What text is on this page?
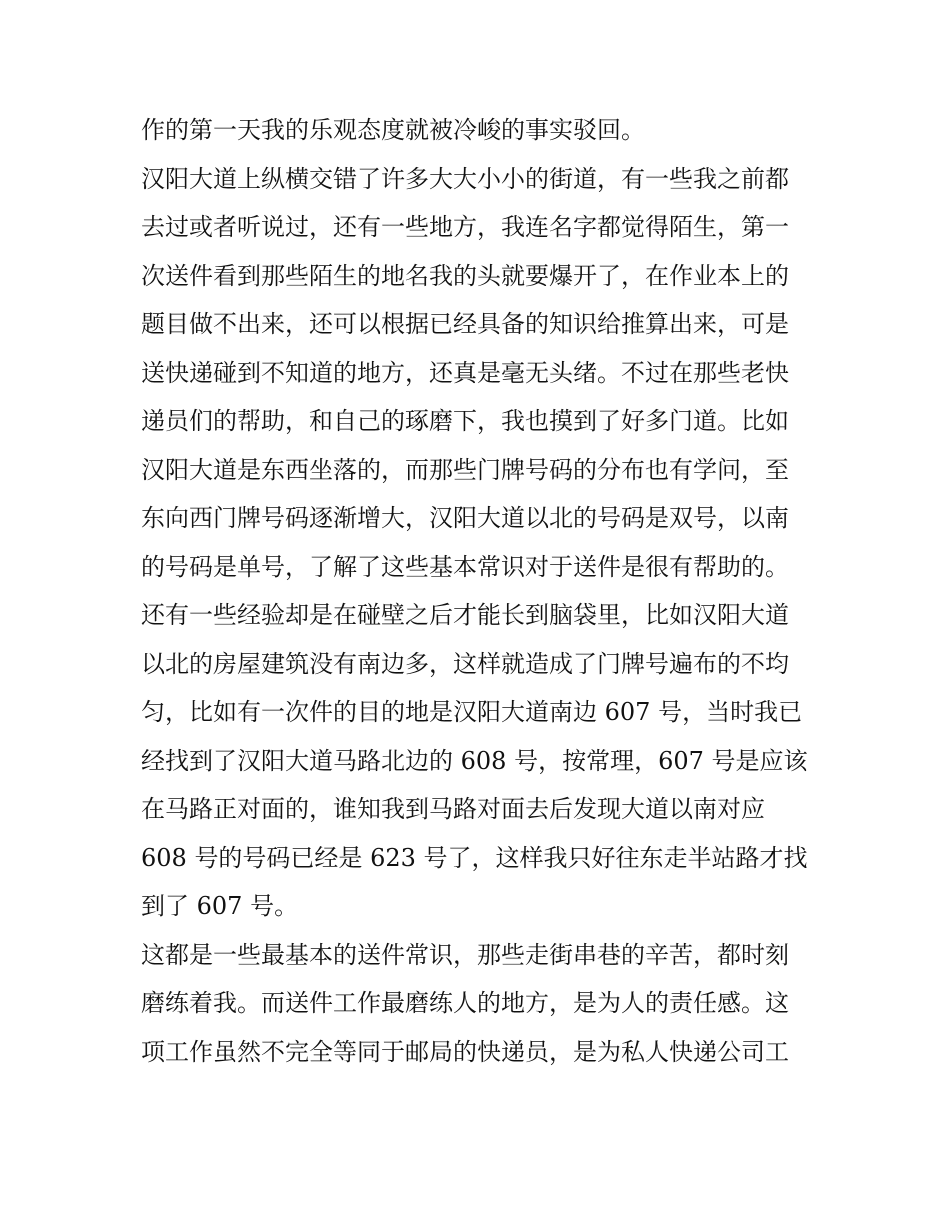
作的第一天我的乐观态度就被冷峻的事实驳回。
汉阳大道上纵横交错了许多大大小小的街道，有一些我之前都
去过或者听说过，还有一些地方，我连名字都觉得陌生，第一
次送件看到那些陌生的地名我的头就要爆开了，在作业本上的
题目做不出来，还可以根据已经具备的知识给推算出来，可是
送快递碰到不知道的地方，还真是毫无头绪。不过在那些老快
递员们的帮助，和自己的琢磨下，我也摸到了好多门道。比如
汉阳大道是东西坐落的，而那些门牌号码的分布也有学问，至
东向西门牌号码逐渐增大，汉阳大道以北的号码是双号，以南
的号码是单号，了解了这些基本常识对于送件是很有帮助的。
还有一些经验却是在碰壁之后才能长到脑袋里，比如汉阳大道
以北的房屋建筑没有南边多，这样就造成了门牌号遍布的不均
匀，比如有一次件的目的地是汉阳大道南边 607 号，当时我已
经找到了汉阳大道马路北边的 608 号，按常理，607 号是应该
在马路正对面的，谁知我到马路对面去后发现大道以南对应
608 号的号码已经是 623 号了，这样我只好往东走半站路才找
到了 607 号。
这都是一些最基本的送件常识，那些走街串巷的辛苦，都时刻
磨练着我。而送件工作最磨练人的地方，是为人的责任感。这
项工作虽然不完全等同于邮局的快递员，是为私人快递公司工
